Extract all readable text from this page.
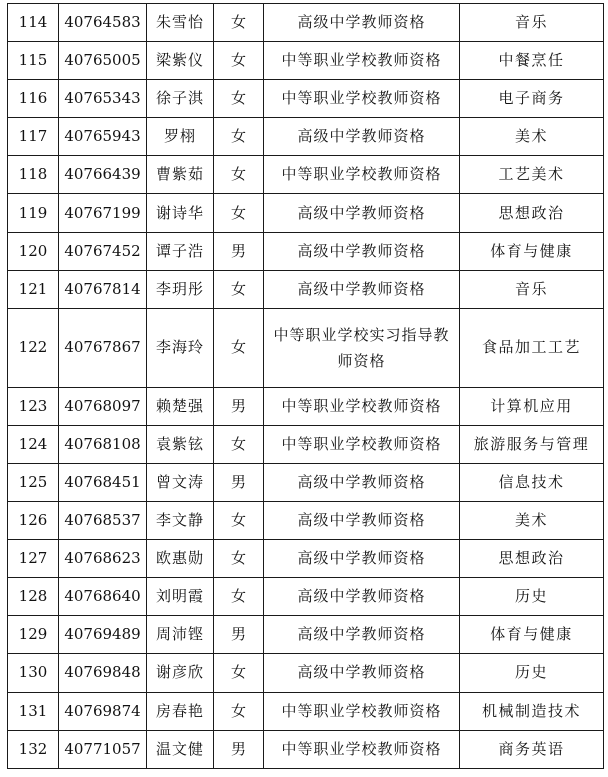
114	40764583	朱雪怡	女	高级中学教师资格	音乐
115	40765005	梁紫仪	女	中等职业学校教师资格	中餐烹任
116	40765343	徐子淇	女	中等职业学校教师资格	电子商务
117	40765943	罗栩	女	高级中学教师资格	美术
118	40766439	曹紫茹	女	中等职业学校教师资格	工艺美术
119	40767199	谢诗华	女	高级中学教师资格	思想政治
120	40767452	谭子浩	男	高级中学教师资格	体育与健康
121	40767814	李玥彤	女	高级中学教师资格	音乐
122	40767867	李海玲	女	中等职业学校实习指导教师资格	食品加工工艺
123	40768097	赖楚强	男	中等职业学校教师资格	计算机应用
124	40768108	袁紫铉	女	中等职业学校教师资格	旅游服务与管理
125	40768451	曾文涛	男	高级中学教师资格	信息技术
126	40768537	李文静	女	高级中学教师资格	美术
127	40768623	欧惠勋	女	高级中学教师资格	思想政治
128	40768640	刘明霞	女	高级中学教师资格	历史
129	40769489	周沛铿	男	高级中学教师资格	体育与健康
130	40769848	谢彦欣	女	高级中学教师资格	历史
131	40769874	房春艳	女	中等职业学校教师资格	机械制造技术
132	40771057	温文健	男	中等职业学校教师资格	商务英语
